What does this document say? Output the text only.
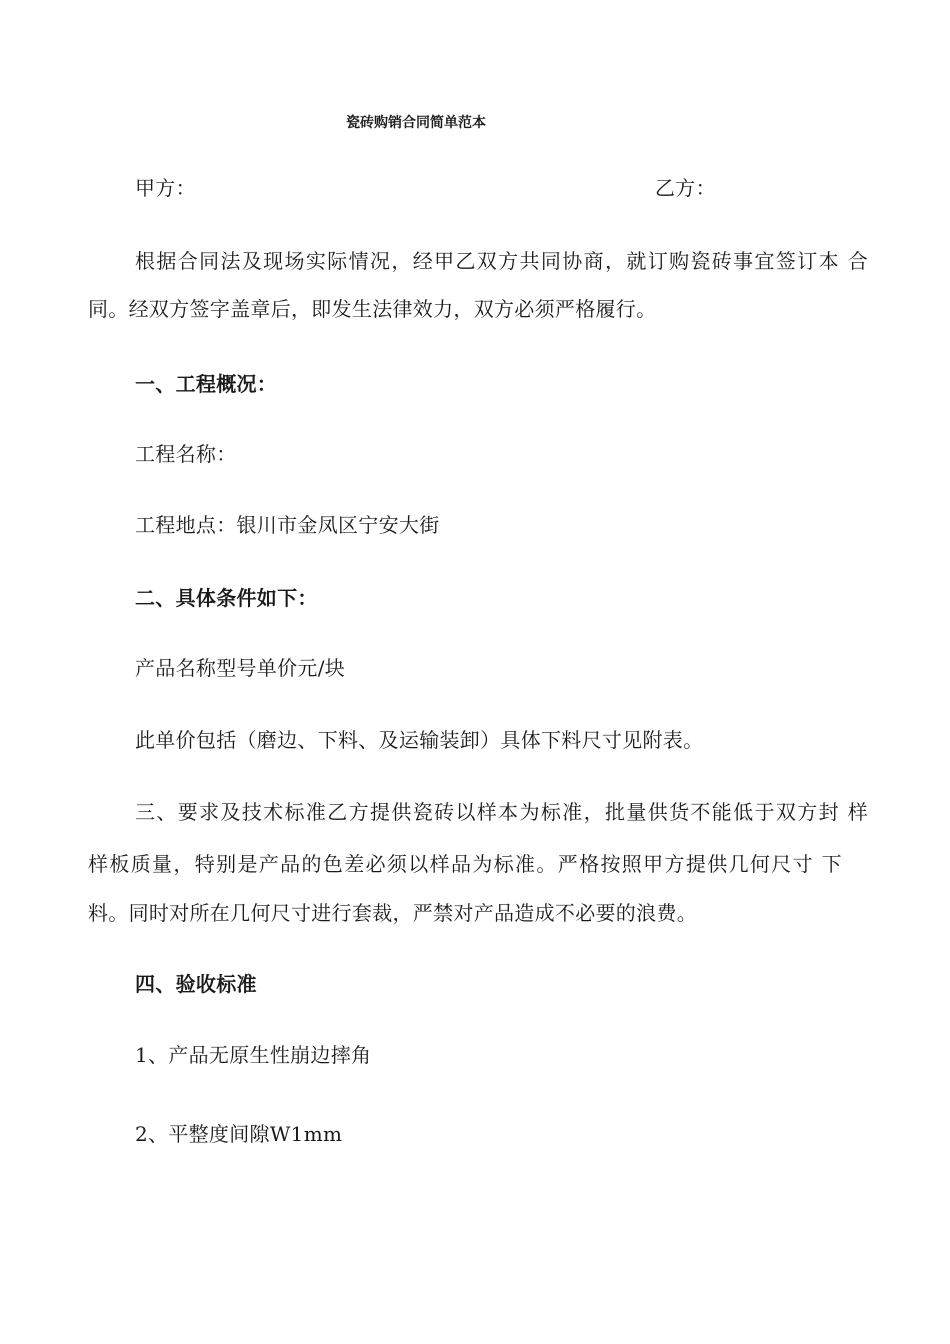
瓷砖购销合同简单范本
甲方：	乙方：
根据合同法及现场实际情况，经甲乙双方共同协商，就订购瓷砖事宜签订本 合
同。经双方签字盖章后，即发生法律效力，双方必须严格履行。
一、工程概况：
工程名称：
工程地点：银川市金凤区宁安大街
二、具体条件如下：
产品名称型号单价元/块
此单价包括（磨边、下料、及运输装卸）具体下料尺寸见附表。
三、要求及技术标准乙方提供瓷砖以样本为标准，批量供货不能低于双方封 样
样板质量，特别是产品的色差必须以样品为标准。严格按照甲方提供几何尺寸 下
料。同时对所在几何尺寸进行套裁，严禁对产品造成不必要的浪费。
四、验收标准
1、产品无原生性崩边摔角
2、平整度间隙W1mm
